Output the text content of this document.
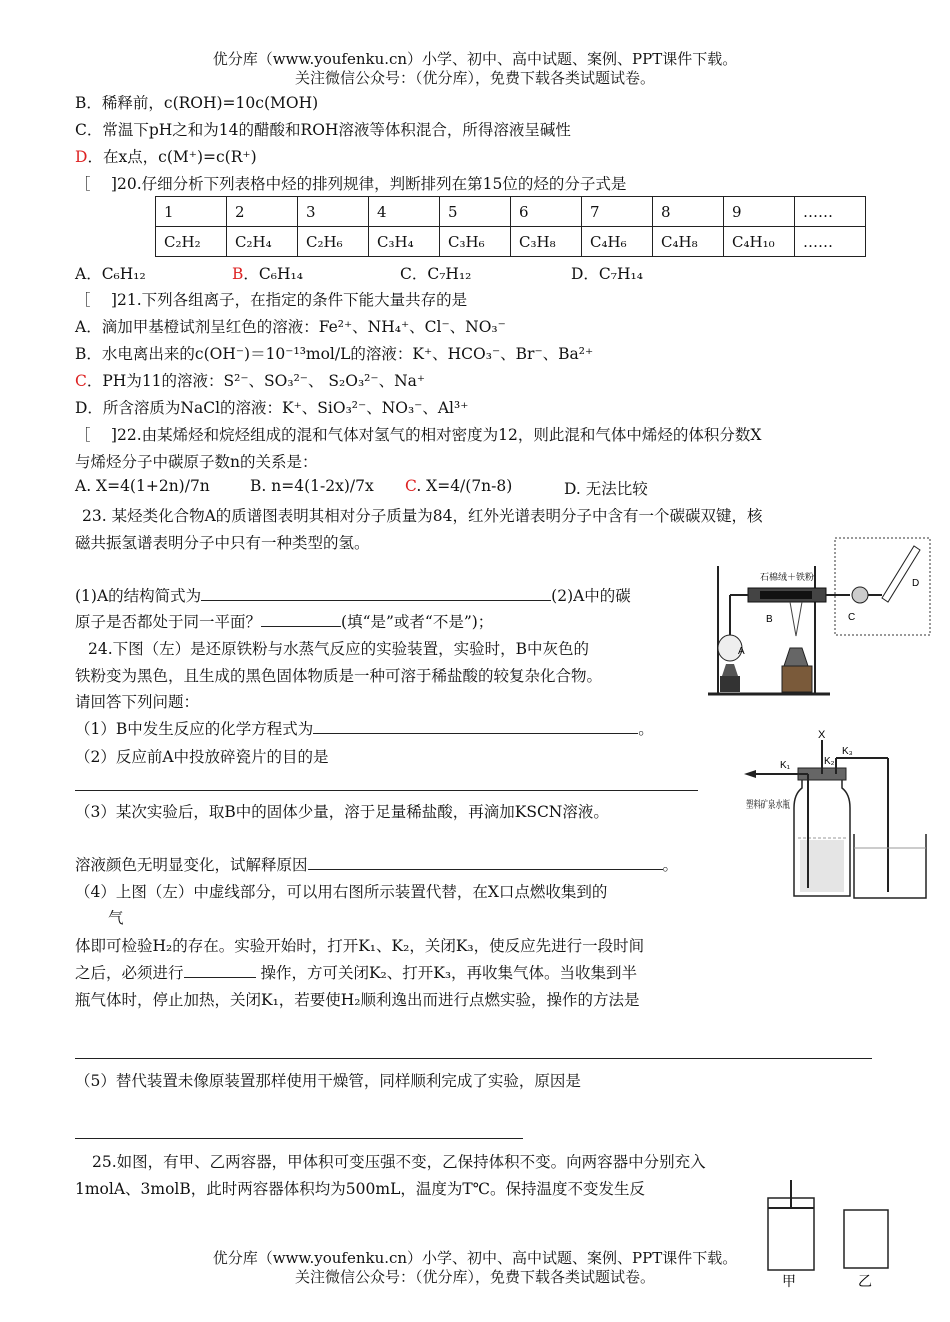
优分库（www.youfenku.cn）小学、初中、高中试题、案例、PPT课件下载。
关注微信公众号：（优分库），免费下载各类试题试卷。
B．稀释前，c(ROH)=10c(MOH)
C．常温下pH之和为14的醋酸和ROH溶液等体积混合，所得溶液呈碱性
D．在x点，c(M⁺)=c(R⁺)
［　 ]20.仔细分析下列表格中烃的排列规律，判断排列在第15位的烃的分子式是
1	2	3	4	5	6	7	8	9	……
C₂H₂	C₂H₄	C₂H₆	C₃H₄	C₃H₆	C₃H₈	C₄H₆	C₄H₈	C₄H₁₀	……
A．C₆H₁₂	B．C₆H₁₄	C．C₇H₁₂	D．C₇H₁₄
［　 ]21.下列各组离子，在指定的条件下能大量共存的是
A．滴加甲基橙试剂呈红色的溶液：Fe²⁺、NH₄⁺、Cl⁻、NO₃⁻
B．水电离出来的c(OH⁻)＝10⁻¹³mol/L的溶液：K⁺、HCO₃⁻、Br⁻、Ba²⁺
C．PH为11的溶液：S²⁻、SO₃²⁻、 S₂O₃²⁻、Na⁺
D．所含溶质为NaCl的溶液：K⁺、SiO₃²⁻、NO₃⁻、Al³⁺
［　 ]22.由某烯烃和烷烃组成的混和气体对氢气的相对密度为12，则此混和气体中烯烃的体积分数X
与烯烃分子中碳原子数n的关系是：
A. X=4(1+2n)/7n	B. n=4(1-2x)/7x C. X=4/(7n-8)	D. 无法比较
23. 某烃类化合物A的质谱图表明其相对分子质量为84，红外光谱表明分子中含有一个碳碳双键，核
磁共振氢谱表明分子中只有一种类型的氢。
(1)A的结构简式为	(2)A中的碳
原子是否都处于同一平面？	(填“是”或者“不是”)；
24.下图（左）是还原铁粉与水蒸气反应的实验装置，实验时，B中灰色的
铁粉变为黑色，且生成的黑色固体物质是一种可溶于稀盐酸的较复杂化合物。
请回答下列问题：
（1）B中发生反应的化学方程式为	。
（2）反应前A中投放碎瓷片的目的是
（3）某次实验后，取B中的固体少量，溶于足量稀盐酸，再滴加KSCN溶液。
溶液颜色无明显变化，试解释原因	。
（4）上图（左）中虚线部分，可以用右图所示装置代替，在X口点燃收集到的
气
体即可检验H₂的存在。实验开始时，打开K₁、K₂，关闭K₃，使反应先进行一段时间
之后，必须进行	操作，方可关闭K₂、打开K₃，再收集气体。当收集到半
瓶气体时，停止加热，关闭K₁，若要使H₂顺利逸出而进行点燃实验，操作的方法是
（5）替代装置未像原装置那样使用干燥管，同样顺利完成了实验，原因是
25.如图，有甲、乙两容器，甲体积可变压强不变，乙保持体积不变。向两容器中分别充入
1molA、3molB，此时两容器体积均为500mL，温度为T℃。保持温度不变发生反
优分库（www.youfenku.cn）小学、初中、高中试题、案例、PPT课件下载。
关注微信公众号：（优分库），免费下载各类试题试卷。
石棉绒＋铁粉
A
B	C
D
X
K₁	K₂
K₃
塑料矿泉水瓶
甲	乙
